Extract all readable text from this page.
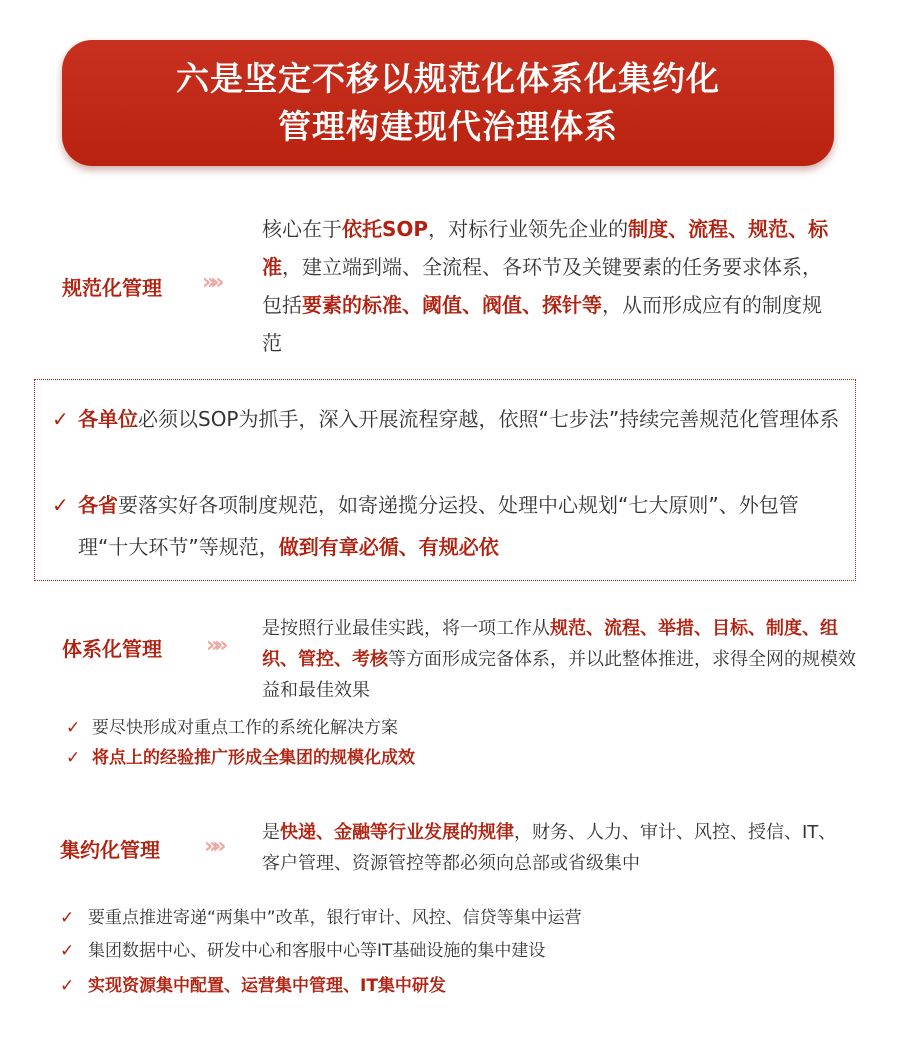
六是坚定不移以规范化体系化集约化
管理构建现代治理体系
规范化管理 »»
核心在于依托SOP，对标行业领先企业的制度、流程、规范、标准，建立端到端、全流程、各环节及关键要素的任务要求体系，包括要素的标准、阈值、阀值、探针等，从而形成应有的制度规范
✓ 各单位必须以SOP为抓手，深入开展流程穿越，依照“七步法”持续完善规范化管理体系
✓ 各省要落实好各项制度规范，如寄递揽分运投、处理中心规划“七大原则”、外包管理“十大环节”等规范，做到有章必循、有规必依
体系化管理 »»
是按照行业最佳实践，将一项工作从规范、流程、举措、目标、制度、组织、管控、考核等方面形成完备体系，并以此整体推进，求得全网的规模效益和最佳效果
✓ 要尽快形成对重点工作的系统化解决方案
✓ 将点上的经验推广形成全集团的规模化成效
集约化管理 »»
是快递、金融等行业发展的规律，财务、人力、审计、风控、授信、IT、客户管理、资源管控等都必须向总部或省级集中
✓ 要重点推进寄递“两集中”改革，银行审计、风控、信贷等集中运营
✓ 集团数据中心、研发中心和客服中心等IT基础设施的集中建设
✓ 实现资源集中配置、运营集中管理、IT集中研发
